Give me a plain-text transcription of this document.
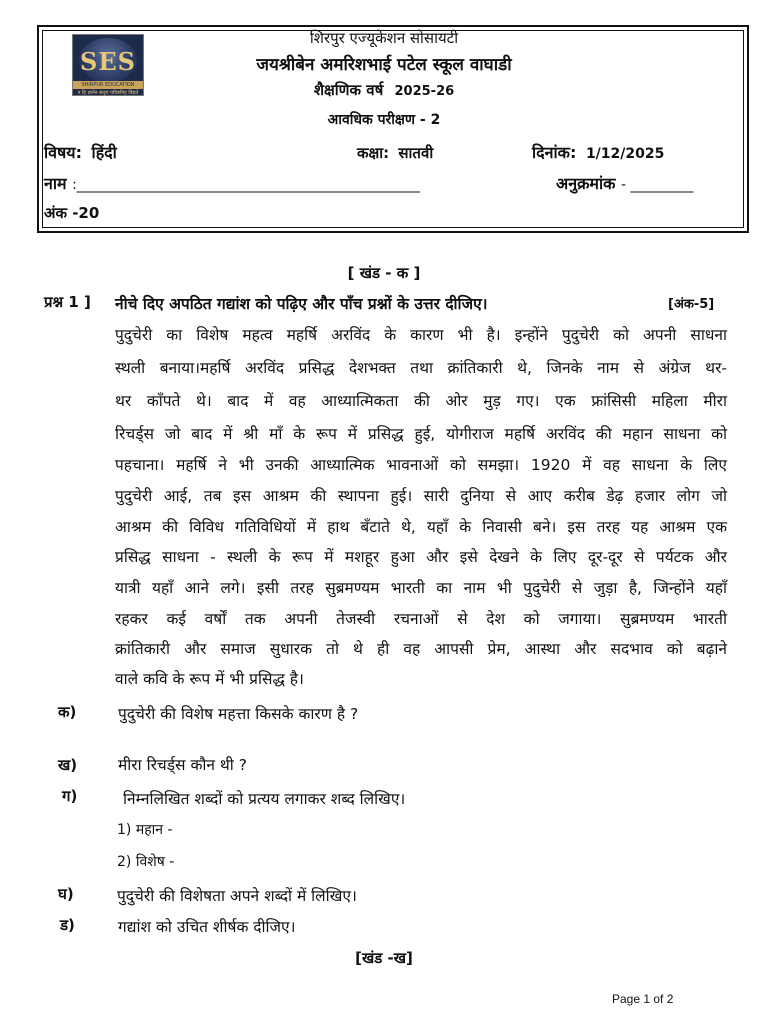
SES
SHIRPUR EDUCATION
न हि ज्ञानेन सदृशं पवित्रमिह विद्यते
शिरपुर एज्यूकेशन सोसायटी
जयश्रीबेन अमरिशभाई पटेल स्कूल वाघाडी
शैक्षणिक वर्ष 2025-26
आवधिक परीक्षण - 2
विषय: हिंदी	कक्षा: सातवी	दिनांक: 1/12/2025
नाम :_________________________________________________	अनुक्रमांक - _________
अंक -20
[ खंड - क ]
प्रश्न 1 ] नीचे दिए अपठित गद्यांश को पढ़िए और पाँच प्रश्नों के उत्तर दीजिए।	[अंक-5]
पुदुचेरी का विशेष महत्व महर्षि अरविंद के कारण भी है। इन्होंने पुदुचेरी को अपनी साधना
स्थली बनाया।महर्षि अरविंद प्रसिद्ध देशभक्त तथा क्रांतिकारी थे, जिनके नाम से अंग्रेज थर-
थर काँपते थे। बाद में वह आध्यात्मिकता की ओर मुड़ गए। एक फ्रांसिसी महिला मीरा
रिचर्ड्स जो बाद में श्री माँ के रूप में प्रसिद्ध हुई, योगीराज महर्षि अरविंद की महान साधना को
पहचाना। महर्षि ने भी उनकी आध्यात्मिक भावनाओं को समझा। 1920 में वह साधना के लिए
पुदुचेरी आई, तब इस आश्रम की स्थापना हुई। सारी दुनिया से आए करीब डेढ़ हजार लोग जो
आश्रम की विविध गतिविधियों में हाथ बँटाते थे, यहाँ के निवासी बने। इस तरह यह आश्रम एक
प्रसिद्ध साधना - स्थली के रूप में मशहूर हुआ और इसे देखने के लिए दूर-दूर से पर्यटक और
यात्री यहाँ आने लगे। इसी तरह सुब्रमण्यम भारती का नाम भी पुदुचेरी से जुड़ा है, जिन्होंने यहाँ
रहकर कई वर्षों तक अपनी तेजस्वी रचनाओं से देश को जगाया। सुब्रमण्यम भारती
क्रांतिकारी और समाज सुधारक तो थे ही वह आपसी प्रेम, आस्था और सदभाव को बढ़ाने
वाले कवि के रूप में भी प्रसिद्ध है।
क)	पुदुचेरी की विशेष महत्ता किसके कारण है ?
ख)	मीरा रिचर्ड्स कौन थी ?
ग)	निम्नलिखित शब्दों को प्रत्यय लगाकर शब्द लिखिए।
1) महान -
2) विशेष -
घ)	पुदुचेरी की विशेषता अपने शब्दों में लिखिए।
ड)	गद्यांश को उचित शीर्षक दीजिए।
[खंड -ख]
Page 1 of 2
